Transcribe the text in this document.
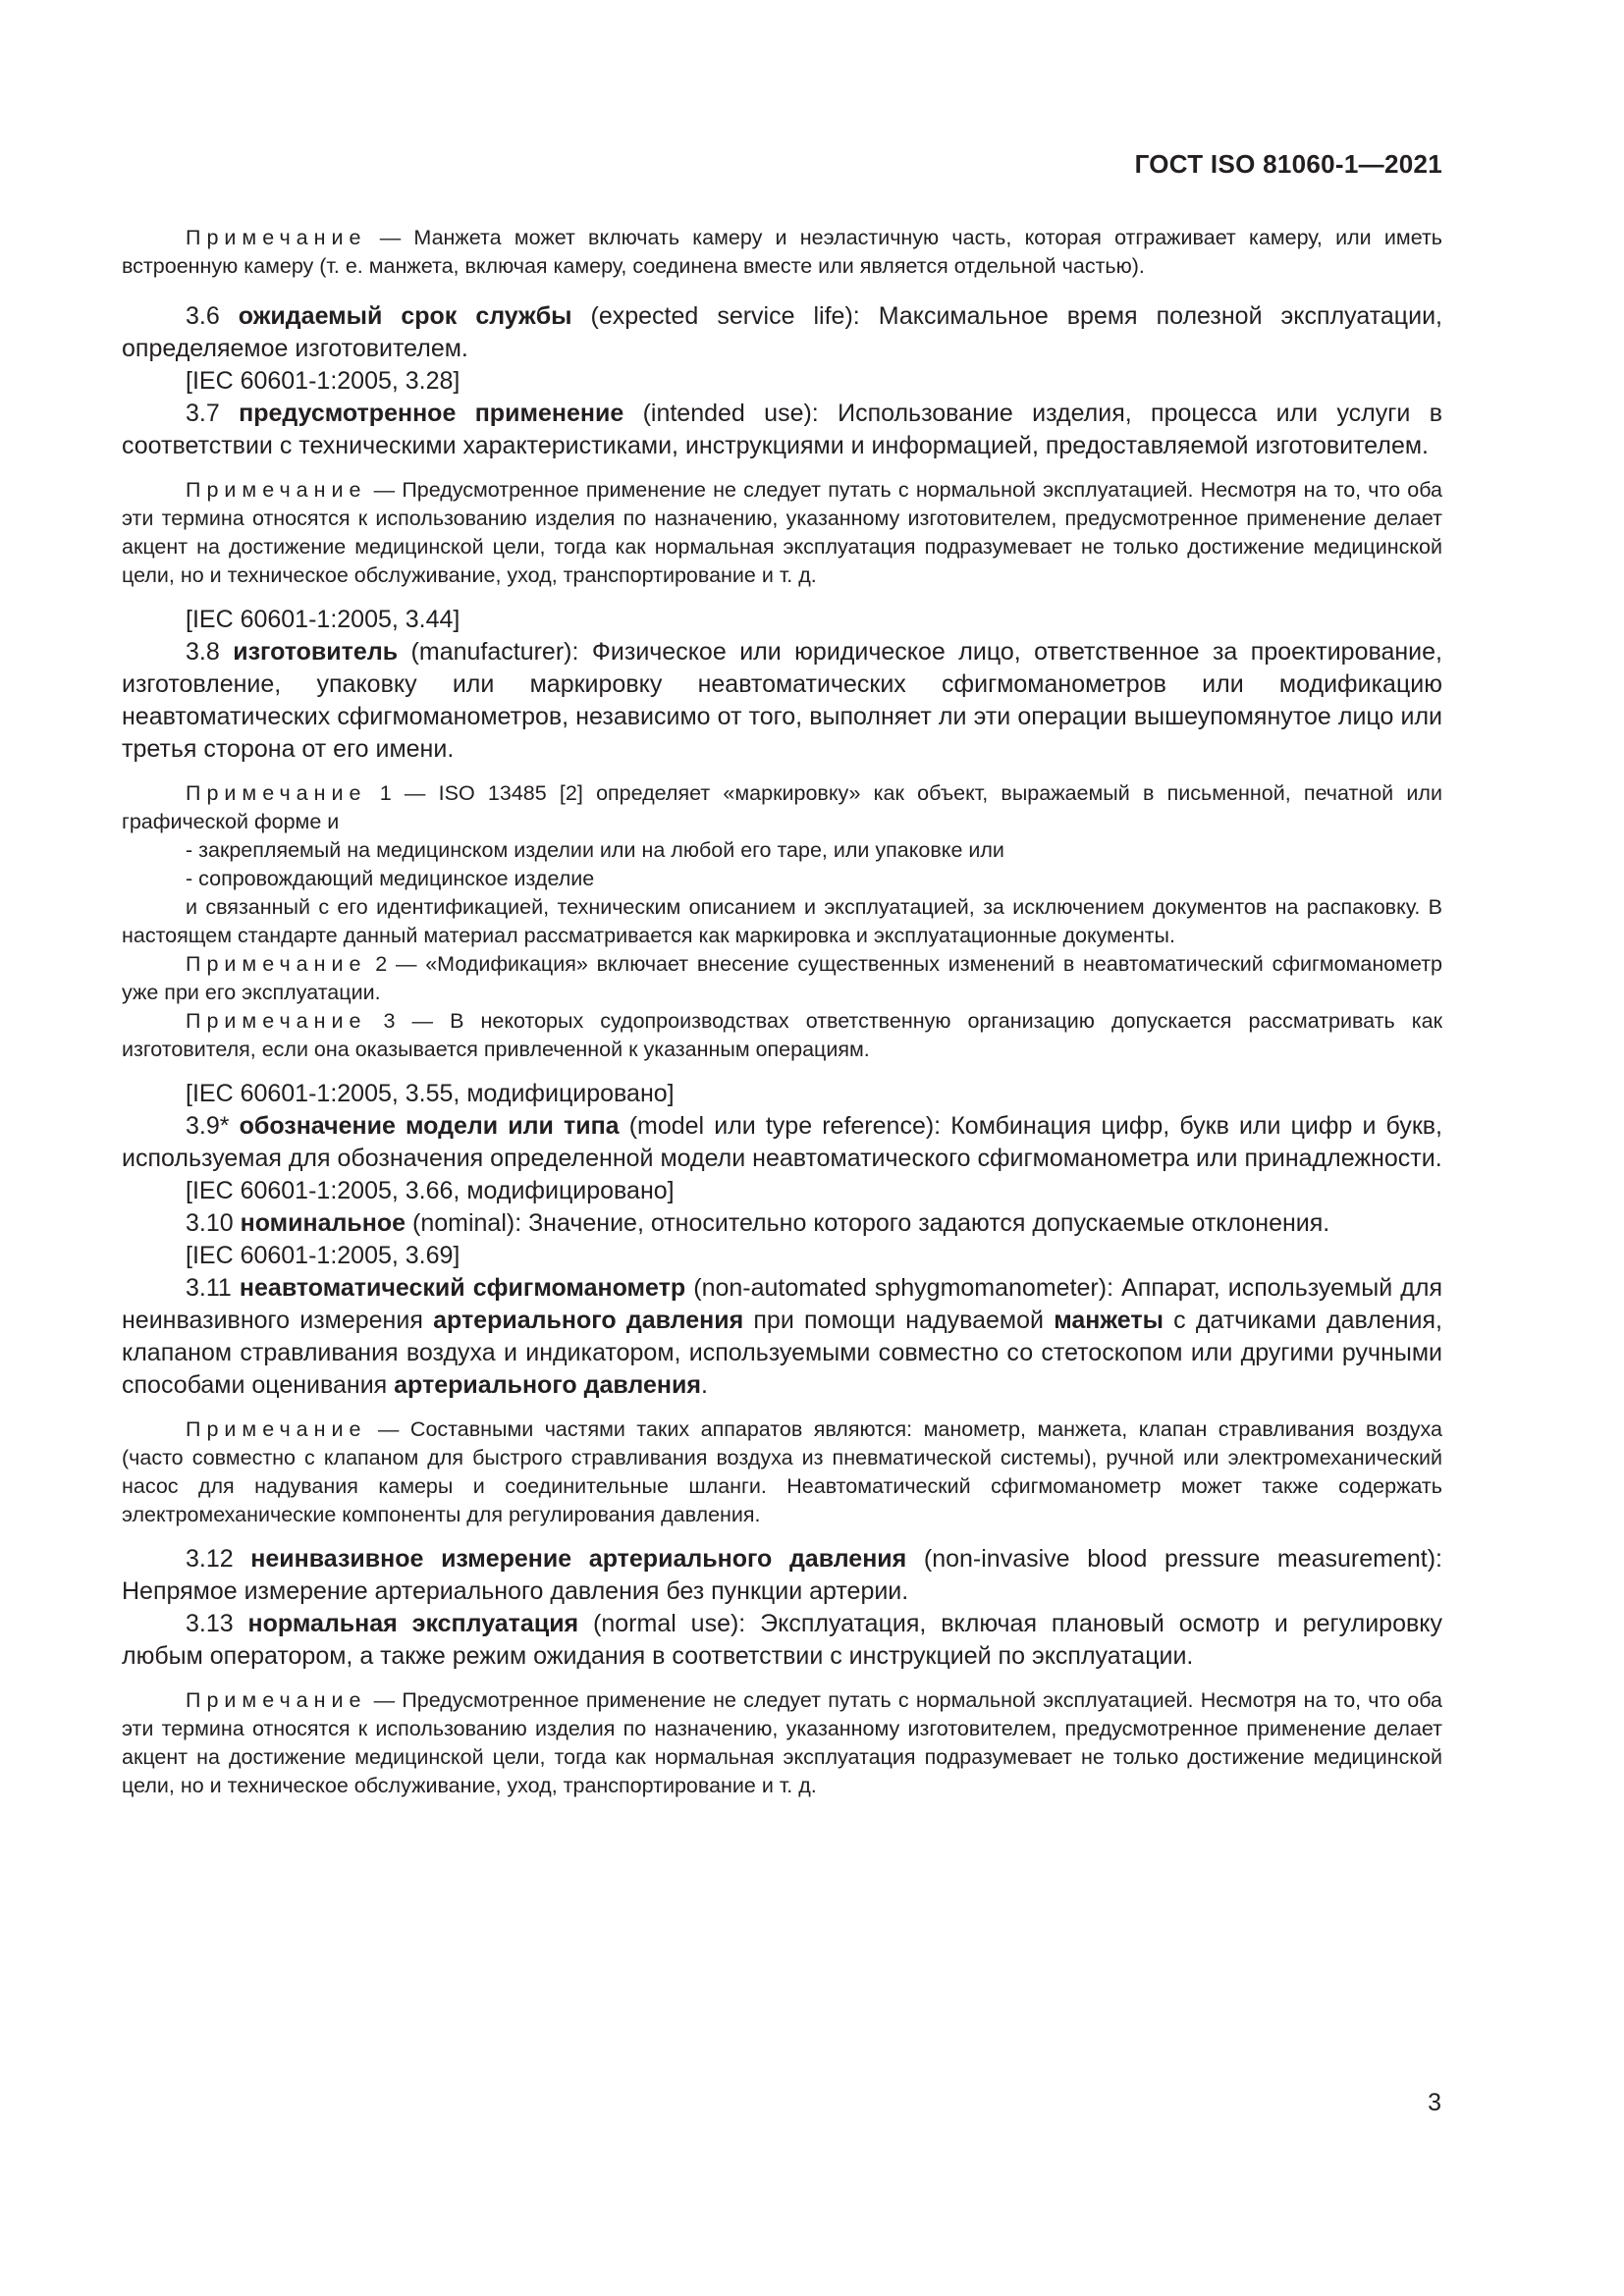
ГОСТ ISO 81060-1—2021

Примечание — Манжета может включать камеру и неэластичную часть, которая отграживает камеру, или иметь встроенную камеру (т. е. манжета, включая камеру, соединена вместе или является отдельной частью).

3.6 ожидаемый срок службы (expected service life): Максимальное время полезной эксплуатации, определяемое изготовителем.

[IEC 60601-1:2005, 3.28]

3.7 предусмотренное применение (intended use): Использование изделия, процесса или услуги в соответствии с техническими характеристиками, инструкциями и информацией, предоставляемой изготовителем.

Примечание — Предусмотренное применение не следует путать с нормальной эксплуатацией. Несмотря на то, что оба эти термина относятся к использованию изделия по назначению, указанному изготовителем, предусмотренное применение делает акцент на достижение медицинской цели, тогда как нормальная эксплуатация подразумевает не только достижение медицинской цели, но и техническое обслуживание, уход, транспортирование и т. д.

[IEC 60601-1:2005, 3.44]

3.8 изготовитель (manufacturer): Физическое или юридическое лицо, ответственное за проектирование, изготовление, упаковку или маркировку неавтоматических сфигмоманометров или модификацию неавтоматических сфигмоманометров, независимо от того, выполняет ли эти операции вышеупомянутое лицо или третья сторона от его имени.

Примечание 1 — ISO 13485 [2] определяет «маркировку» как объект, выражаемый в письменной, печатной или графической форме и

- закрепляемый на медицинском изделии или на любой его таре, или упаковке или

- сопровождающий медицинское изделие

и связанный с его идентификацией, техническим описанием и эксплуатацией, за исключением документов на распаковку. В настоящем стандарте данный материал рассматривается как маркировка и эксплуатационные документы.

Примечание 2 — «Модификация» включает внесение существенных изменений в неавтоматический сфигмоманометр уже при его эксплуатации.

Примечание 3 — В некоторых судопроизводствах ответственную организацию допускается рассматривать как изготовителя, если она оказывается привлеченной к указанным операциям.

[IEC 60601-1:2005, 3.55, модифицировано]

3.9* обозначение модели или типа (model или type reference): Комбинация цифр, букв или цифр и букв, используемая для обозначения определенной модели неавтоматического сфигмоманометра или принадлежности.

[IEC 60601-1:2005, 3.66, модифицировано]

3.10 номинальное (nominal): Значение, относительно которого задаются допускаемые отклонения.

[IEC 60601-1:2005, 3.69]

3.11 неавтоматический сфигмоманометр (non-automated sphygmomanometer): Аппарат, используемый для неинвазивного измерения артериального давления при помощи надуваемой манжеты с датчиками давления, клапаном стравливания воздуха и индикатором, используемыми совместно со стетоскопом или другими ручными способами оценивания артериального давления.

Примечание — Составными частями таких аппаратов являются: манометр, манжета, клапан стравливания воздуха (часто совместно с клапаном для быстрого стравливания воздуха из пневматической системы), ручной или электромеханический насос для надувания камеры и соединительные шланги. Неавтоматический сфигмоманометр может также содержать электромеханические компоненты для регулирования давления.

3.12 неинвазивное измерение артериального давления (non-invasive blood pressure measurement): Непрямое измерение артериального давления без пункции артерии.

3.13 нормальная эксплуатация (normal use): Эксплуатация, включая плановый осмотр и регулировку любым оператором, а также режим ожидания в соответствии с инструкцией по эксплуатации.

Примечание — Предусмотренное применение не следует путать с нормальной эксплуатацией. Несмотря на то, что оба эти термина относятся к использованию изделия по назначению, указанному изготовителем, предусмотренное применение делает акцент на достижение медицинской цели, тогда как нормальная эксплуатация подразумевает не только достижение медицинской цели, но и техническое обслуживание, уход, транспортирование и т. д.

3
